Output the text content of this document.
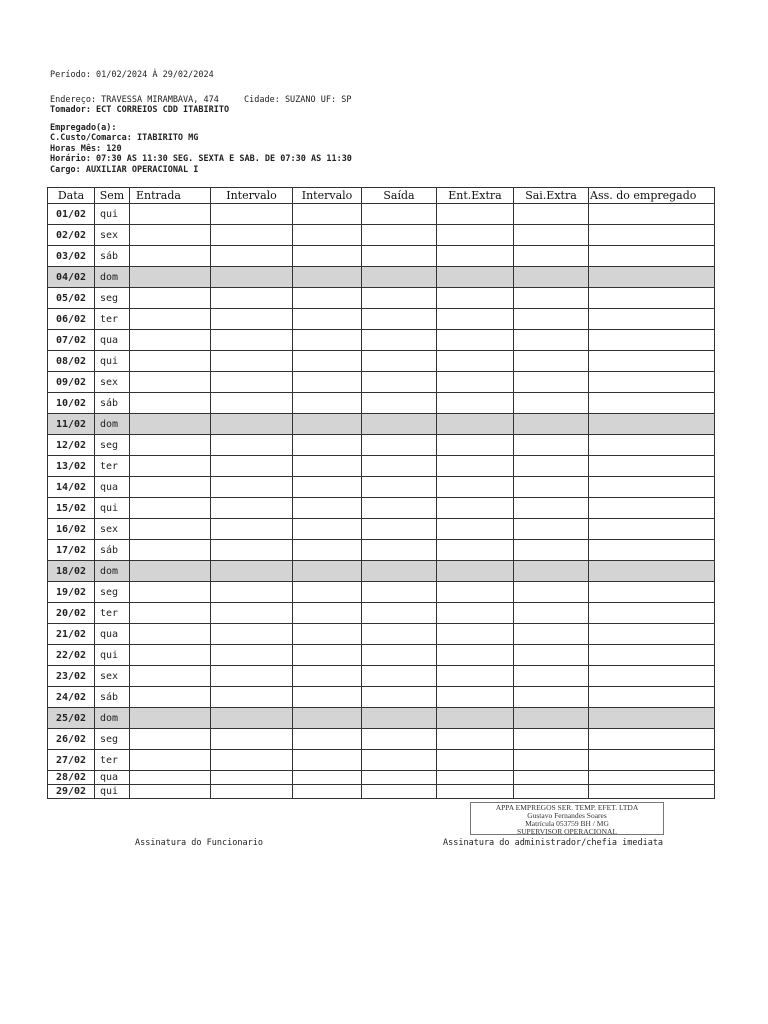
Período: 01/02/2024 À 29/02/2024
Endereço: TRAVESSA MIRAMBAVA, 474	Cidade: SUZANO UF: SP
Tomador: ECT CORREIOS CDD ITABIRITO
Empregado(a):
C.Custo/Comarca: ITABIRITO MG
Horas Mês: 120
Horário: 07:30 AS 11:30 SEG. SEXTA E SAB. DE 07:30 AS 11:30
Cargo: AUXILIAR OPERACIONAL I
Data	Sem	Entrada	Intervalo	Intervalo	Saída	Ent.Extra	Sai.Extra	Ass. do empregado
01/02	qui							
02/02	sex							
03/02	sáb							
04/02	dom							
05/02	seg							
06/02	ter							
07/02	qua							
08/02	qui							
09/02	sex							
10/02	sáb							
11/02	dom							
12/02	seg							
13/02	ter							
14/02	qua							
15/02	qui							
16/02	sex							
17/02	sáb							
18/02	dom							
19/02	seg							
20/02	ter							
21/02	qua							
22/02	qui							
23/02	sex							
24/02	sáb							
25/02	dom							
26/02	seg							
27/02	ter							
28/02	qua							
29/02	qui							
APPA EMPREGOS SER. TEMP. EFET. LTDA
Gustavo Fernandes Soares
Matrícula 053759 BH / MG
SUPERVISOR OPERACIONAL
Assinatura do Funcionario	Assinatura do administrador/chefia imediata
